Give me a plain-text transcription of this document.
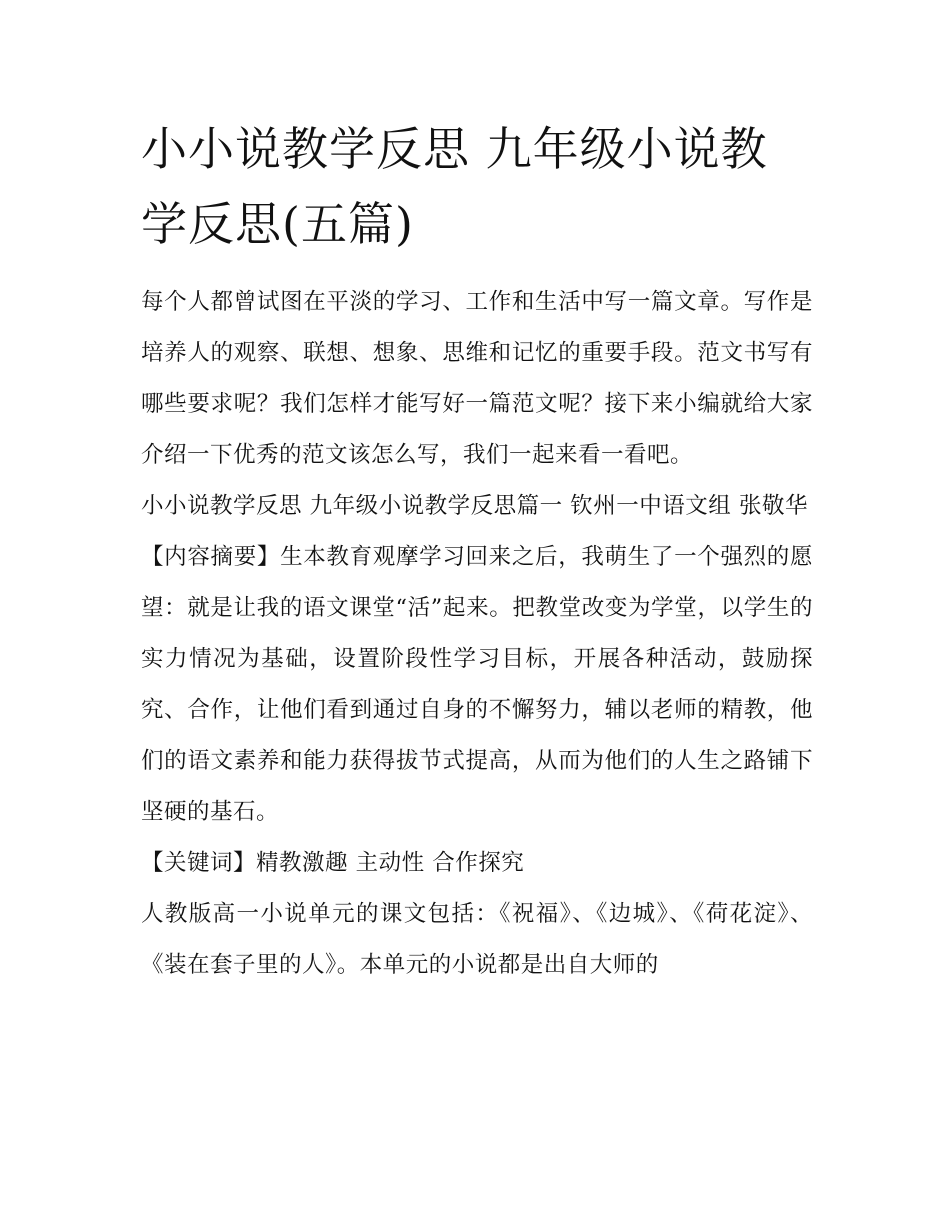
小小说教学反思 九年级小说教学反思(五篇)

每个人都曾试图在平淡的学习、工作和生活中写一篇文章。写作是培养人的观察、联想、想象、思维和记忆的重要手段。范文书写有哪些要求呢？我们怎样才能写好一篇范文呢？接下来小编就给大家介绍一下优秀的范文该怎么写，我们一起来看一看吧。

小小说教学反思 九年级小说教学反思篇一 钦州一中语文组 张敬华

【内容摘要】生本教育观摩学习回来之后，我萌生了一个强烈的愿望：就是让我的语文课堂“活”起来。把教堂改变为学堂，以学生的实力情况为基础，设置阶段性学习目标，开展各种活动，鼓励探究、合作，让他们看到通过自身的不懈努力，辅以老师的精教，他们的语文素养和能力获得拔节式提高，从而为他们的人生之路铺下坚硬的基石。

【关键词】精教激趣 主动性 合作探究

人教版高一小说单元的课文包括：《祝福》、《边城》、《荷花淀》、《装在套子里的人》。本单元的小说都是出自大师的
